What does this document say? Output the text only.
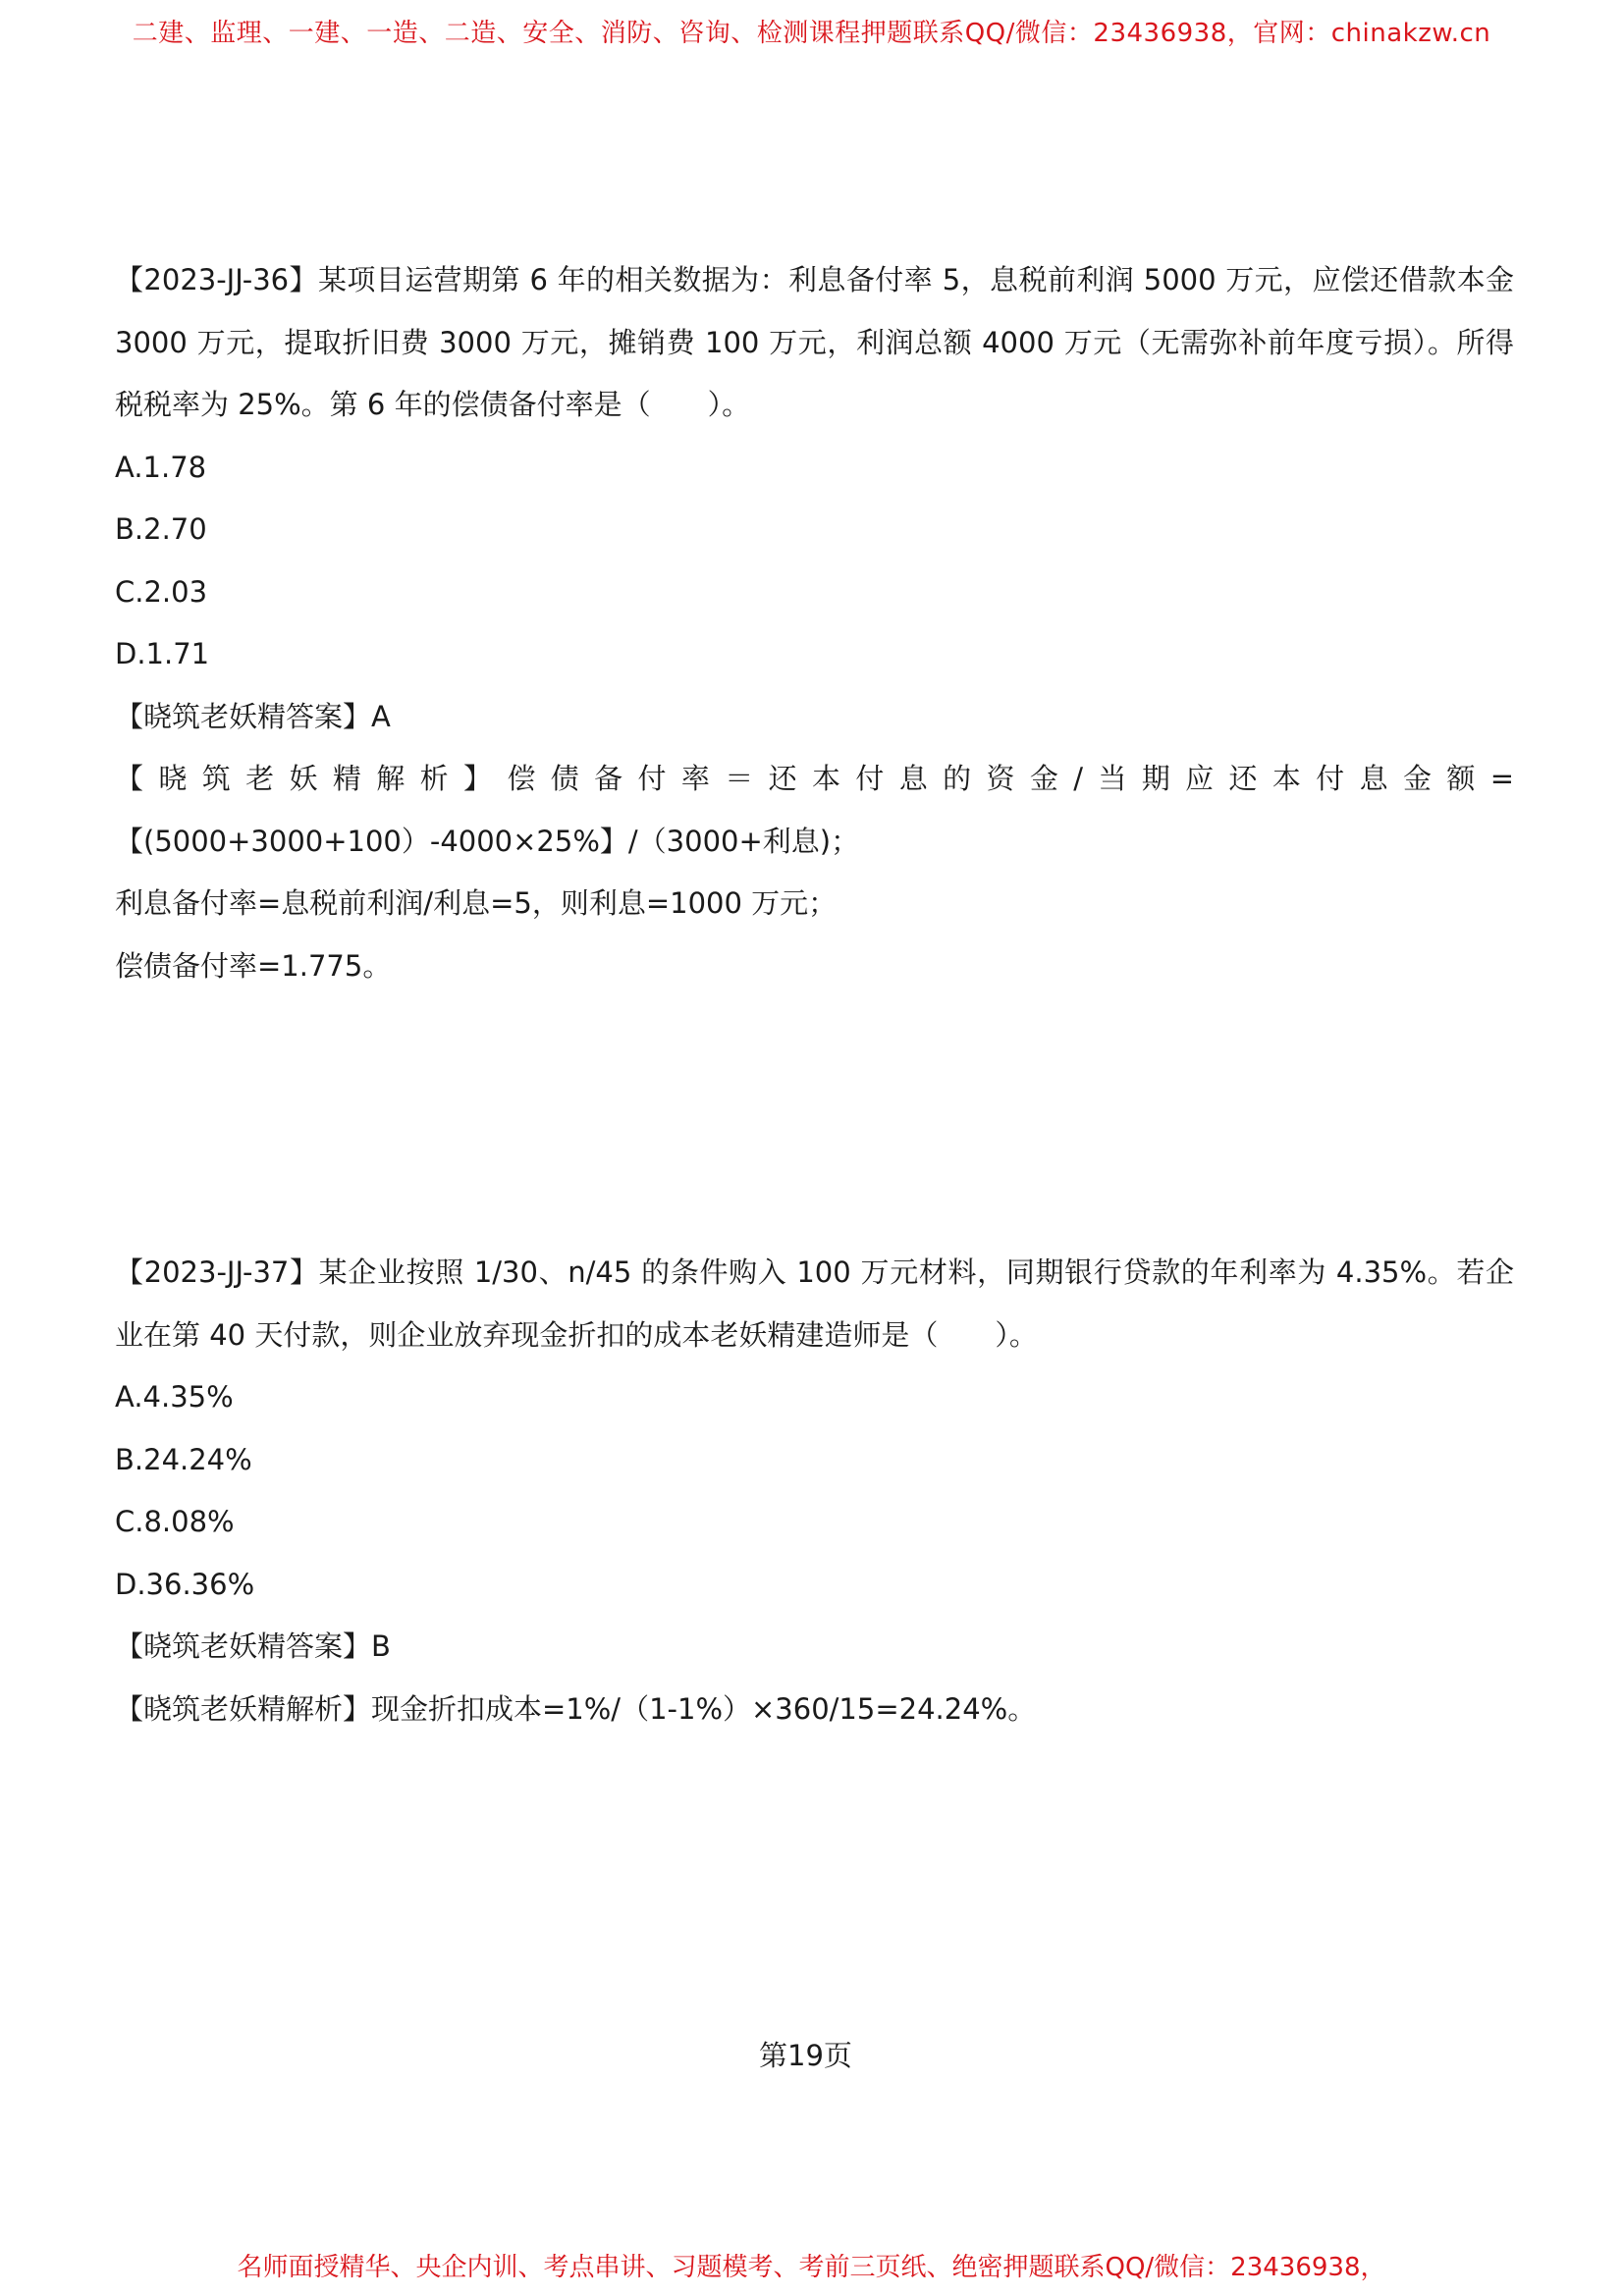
二建、监理、一建、一造、二造、安全、消防、咨询、检测课程押题联系QQ/微信：23436938，官网：chinakzw.cn

【2023-JJ-36】某项目运营期第 6 年的相关数据为：利息备付率 5，息税前利润 5000 万元，应偿还借款本金 3000 万元，提取折旧费 3000 万元，摊销费 100 万元，利润总额 4000 万元（无需弥补前年度亏损）。所得税税率为 25%。第 6 年的偿债备付率是（　　）。

A.1.78

B.2.70

C.2.03

D.1.71

【晓筑老妖精答案】A

【晓筑老妖精解析】偿债备付率＝还本付息的资金/当期应还本付息金额=【(5000+3000+100）-4000×25%】/（3000+利息)；

利息备付率=息税前利润/利息=5，则利息=1000 万元；

偿债备付率=1.775。

【2023-JJ-37】某企业按照 1/30、n/45 的条件购入 100 万元材料，同期银行贷款的年利率为 4.35%。若企业在第 40 天付款，则企业放弃现金折扣的成本老妖精建造师是（　　）。

A.4.35%

B.24.24%

C.8.08%

D.36.36%

【晓筑老妖精答案】B

【晓筑老妖精解析】现金折扣成本=1%/（1-1%）×360/15=24.24%。

第19页
名师面授精华、央企内训、考点串讲、习题模考、考前三页纸、绝密押题联系QQ/微信：23436938，
